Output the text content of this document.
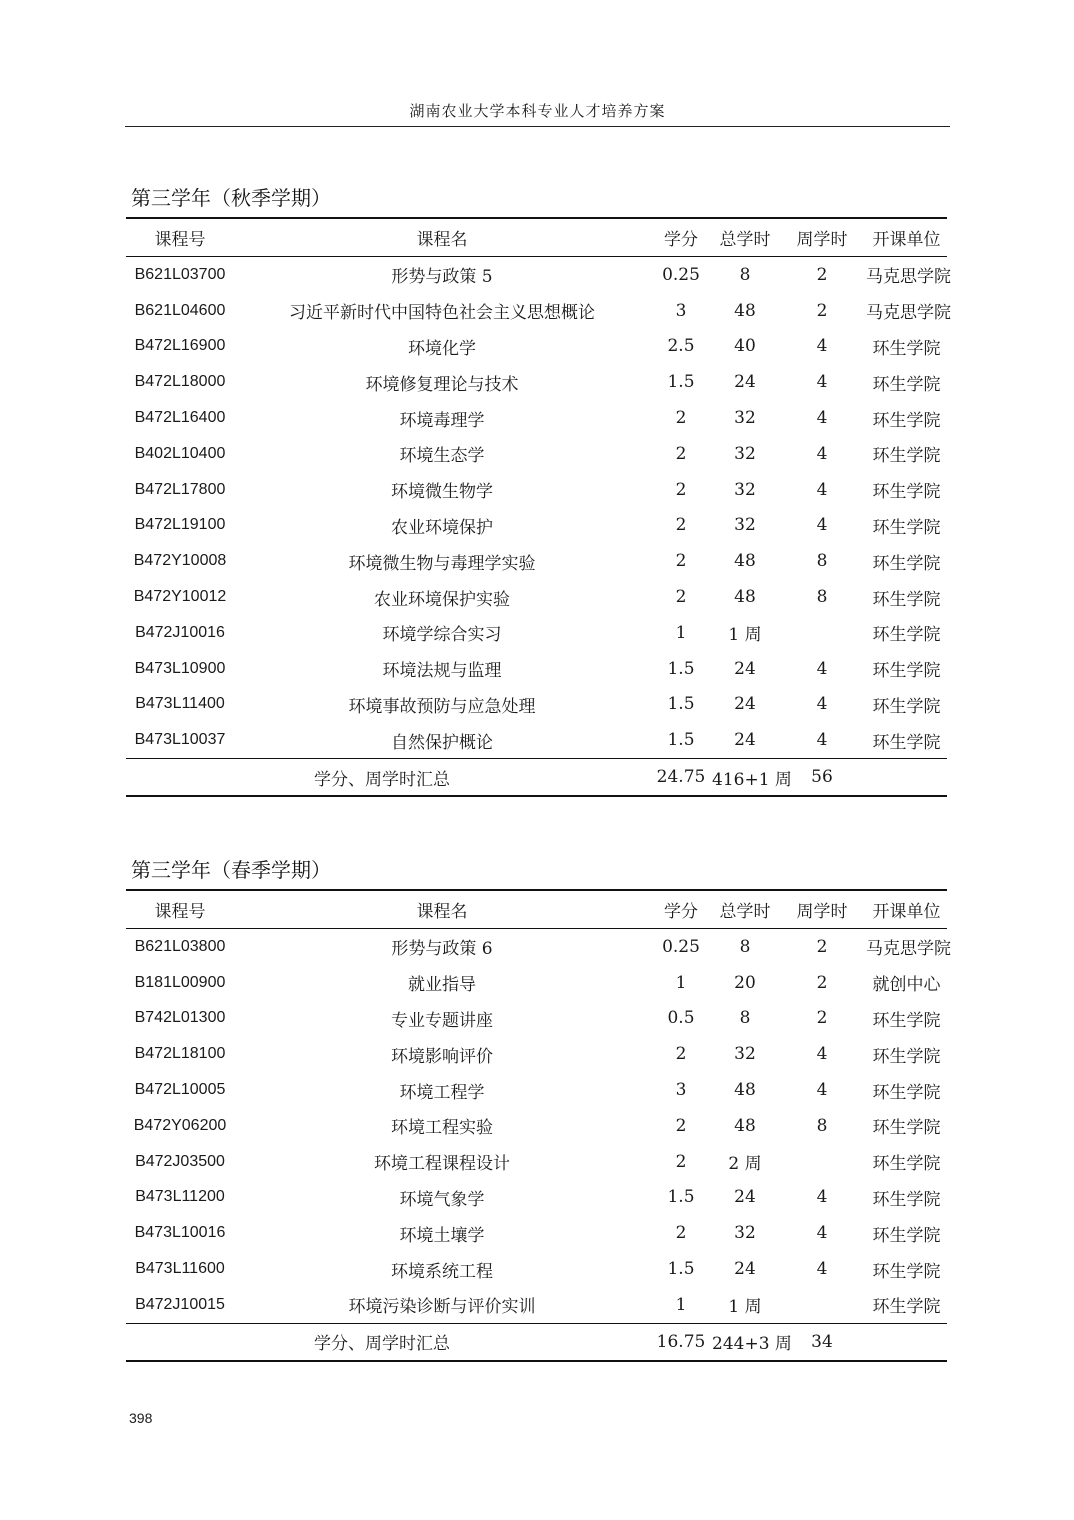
湖南农业大学本科专业人才培养方案
第三学年（秋季学期）
课程号	课程名	学分	总学时	周学时	开课单位
B621L03700	形势与政策 5	0.25	8	2	马克思学院
B621L04600	习近平新时代中国特色社会主义思想概论	3	48	2	马克思学院
B472L16900	环境化学	2.5	40	4	环生学院
B472L18000	环境修复理论与技术	1.5	24	4	环生学院
B472L16400	环境毒理学	2	32	4	环生学院
B402L10400	环境生态学	2	32	4	环生学院
B472L17800	环境微生物学	2	32	4	环生学院
B472L19100	农业环境保护	2	32	4	环生学院
B472Y10008	环境微生物与毒理学实验	2	48	8	环生学院
B472Y10012	农业环境保护实验	2	48	8	环生学院
B472J10016	环境学综合实习	1	1 周		环生学院
B473L10900	环境法规与监理	1.5	24	4	环生学院
B473L11400	环境事故预防与应急处理	1.5	24	4	环生学院
B473L10037	自然保护概论	1.5	24	4	环生学院
学分、周学时汇总		24.75	416+1 周	56	
第三学年（春季学期）
课程号	课程名	学分	总学时	周学时	开课单位
B621L03800	形势与政策 6	0.25	8	2	马克思学院
B181L00900	就业指导	1	20	2	就创中心
B742L01300	专业专题讲座	0.5	8	2	环生学院
B472L18100	环境影响评价	2	32	4	环生学院
B472L10005	环境工程学	3	48	4	环生学院
B472Y06200	环境工程实验	2	48	8	环生学院
B472J03500	环境工程课程设计	2	2 周		环生学院
B473L11200	环境气象学	1.5	24	4	环生学院
B473L10016	环境土壤学	2	32	4	环生学院
B473L11600	环境系统工程	1.5	24	4	环生学院
B472J10015	环境污染诊断与评价实训	1	1 周		环生学院
学分、周学时汇总		16.75	244+3 周	34	
398
